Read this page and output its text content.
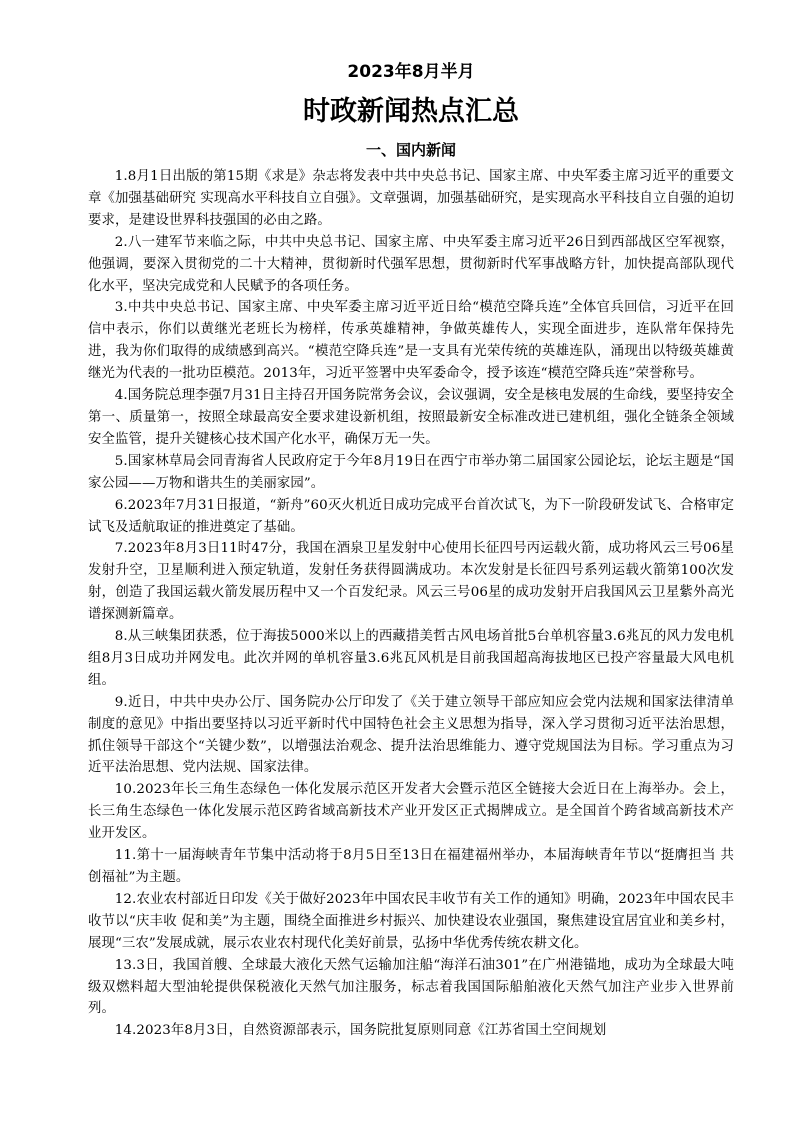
2023年8月半月

时政新闻热点汇总
一、国内新闻

1.8月1日出版的第15期《求是》杂志将发表中共中央总书记、国家主席、中央军委主席习近平的重要文章《加强基础研究 实现高水平科技自立自强》。文章强调，加强基础研究，是实现高水平科技自立自强的迫切要求，是建设世界科技强国的必由之路。

2.八一建军节来临之际，中共中央总书记、国家主席、中央军委主席习近平26日到西部战区空军视察，他强调，要深入贯彻党的二十大精神，贯彻新时代强军思想，贯彻新时代军事战略方针，加快提高部队现代化水平，坚决完成党和人民赋予的各项任务。

3.中共中央总书记、国家主席、中央军委主席习近平近日给“模范空降兵连”全体官兵回信，习近平在回信中表示，你们以黄继光老班长为榜样，传承英雄精神，争做英雄传人，实现全面进步，连队常年保持先进，我为你们取得的成绩感到高兴。“模范空降兵连”是一支具有光荣传统的英雄连队，涌现出以特级英雄黄继光为代表的一批功臣模范。2013年，习近平签署中央军委命令，授予该连“模范空降兵连”荣誉称号。

4.国务院总理李强7月31日主持召开国务院常务会议，会议强调，安全是核电发展的生命线，要坚持安全第一、质量第一，按照全球最高安全要求建设新机组，按照最新安全标准改进已建机组，强化全链条全领域安全监管，提升关键核心技术国产化水平，确保万无一失。

5.国家林草局会同青海省人民政府定于今年8月19日在西宁市举办第二届国家公园论坛，论坛主题是“国家公园——万物和谐共生的美丽家园”。

6.2023年7月31日报道，“新舟”60灭火机近日成功完成平台首次试飞，为下一阶段研发试飞、合格审定试飞及适航取证的推进奠定了基础。

7.2023年8月3日11时47分，我国在酒泉卫星发射中心使用长征四号丙运载火箭，成功将风云三号06星发射升空，卫星顺利进入预定轨道，发射任务获得圆满成功。本次发射是长征四号系列运载火箭第100次发射，创造了我国运载火箭发展历程中又一个百发纪录。风云三号06星的成功发射开启我国风云卫星紫外高光谱探测新篇章。

8.从三峡集团获悉，位于海拔5000米以上的西藏措美哲古风电场首批5台单机容量3.6兆瓦的风力发电机组8月3日成功并网发电。此次并网的单机容量3.6兆瓦风机是目前我国超高海拔地区已投产容量最大风电机组。

9.近日，中共中央办公厅、国务院办公厅印发了《关于建立领导干部应知应会党内法规和国家法律清单制度的意见》中指出要坚持以习近平新时代中国特色社会主义思想为指导，深入学习贯彻习近平法治思想，抓住领导干部这个“关键少数”，以增强法治观念、提升法治思维能力、遵守党规国法为目标。学习重点为习近平法治思想、党内法规、国家法律。

10.2023年长三角生态绿色一体化发展示范区开发者大会暨示范区全链接大会近日在上海举办。会上，长三角生态绿色一体化发展示范区跨省域高新技术产业开发区正式揭牌成立。是全国首个跨省域高新技术产业开发区。

11.第十一届海峡青年节集中活动将于8月5日至13日在福建福州举办，本届海峡青年节以“挺膺担当 共创福祉”为主题。

12.农业农村部近日印发《关于做好2023年中国农民丰收节有关工作的通知》明确，2023年中国农民丰收节以“庆丰收 促和美”为主题，围绕全面推进乡村振兴、加快建设农业强国，聚焦建设宜居宜业和美乡村，展现“三农”发展成就，展示农业农村现代化美好前景，弘扬中华优秀传统农耕文化。

13.3日，我国首艘、全球最大液化天然气运输加注船“海洋石油301”在广州港锚地，成功为全球最大吨级双燃料超大型油轮提供保税液化天然气加注服务，标志着我国国际船舶液化天然气加注产业步入世界前列。

14.2023年8月3日，自然资源部表示，国务院批复原则同意《江苏省国土空间规划
